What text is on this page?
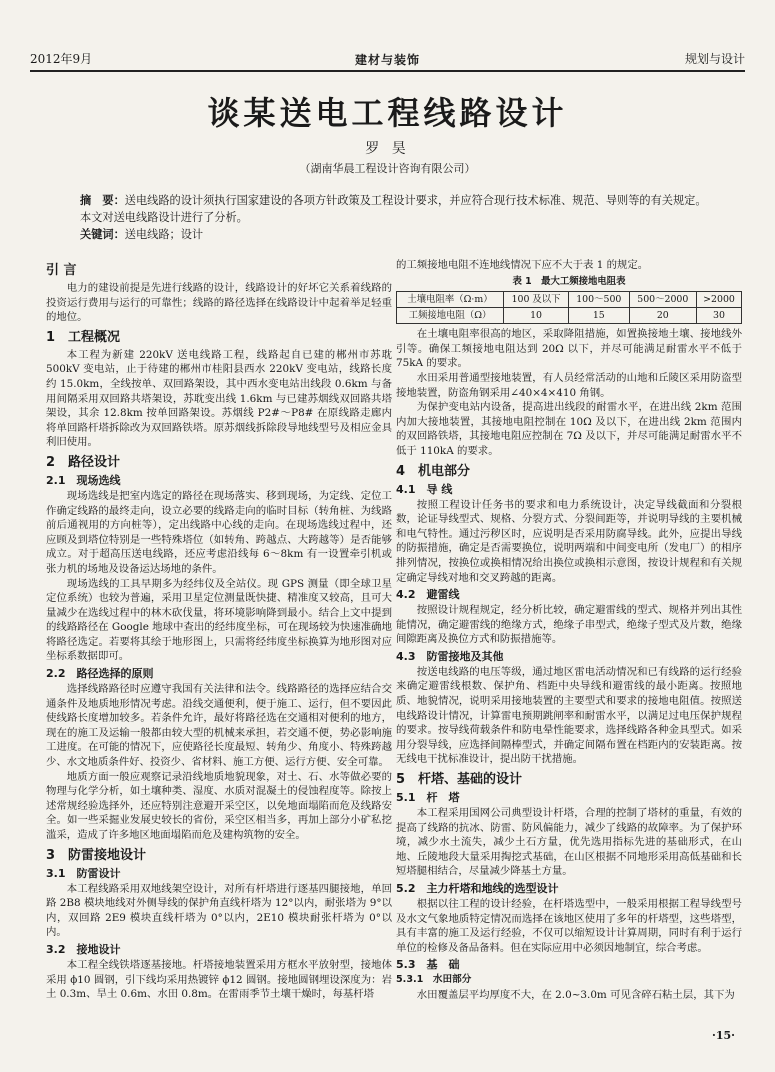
2012年9月	建材与装饰	规划与设计
谈某送电工程线路设计
罗 昊
（湖南华晨工程设计咨询有限公司）
摘　要：送电线路的设计须执行国家建设的各项方针政策及工程设计要求，并应符合现行技术标准、规范、导则等的有关规定。本文对送电线路设计进行了分析。
关键词：送电线路；设计
引 言
电力的建设前提是先进行线路的设计，线路设计的好坏它关系着线路的投资运行费用与运行的可靠性；线路的路径选择在线路设计中起着举足轻重的地位。
1　工程概况
本工程为新建 220kV 送电线路工程，线路起自已建的郴州市苏耽 500kV 变电站，止于待建的郴州市桂阳县西水 220kV 变电站，线路长度约 15.0km，全线按单、双回路架设，其中西水变电站出线段 0.6km 与备用间隔采用双回路共塔架设，苏耽变出线 1.6km 与已建苏烟线双回路共塔架设，其余 12.8km 按单回路架设。苏烟线 P2#～P8# 在原线路走廊内将单回路杆塔拆除改为双回路铁塔。原苏烟线拆除段导地线型号及相应金具利旧使用。
2　路径设计
2.1　现场选线
现场选线是把室内选定的路径在现场落实、移到现场，为定线、定位工作确定线路的最终走向，设立必要的线路走向的临时目标（转角桩、为线路前后通视用的方向桩等），定出线路中心线的走向。在现场选线过程中，还应顾及到塔位特别是一些特殊塔位（如转角、跨越点、大跨越等）是否能够成立。对于超高压送电线路，还应考虑沿线每 6～8km 有一设置牵引机或张力机的场地及设备运达场地的条件。
现场选线的工具早期多为经纬仪及全站仪。现 GPS 测量（即全球卫星定位系统）也较为普遍，采用卫星定位测量既快捷、精准度又较高，且可大量减少在选线过程中的林木砍伐量，将环境影响降到最小。结合上文中提到的线路路径在 Google 地球中查出的经纬度坐标，可在现场较为快速准确地将路径选定。若要将其绘于地形图上，只需将经纬度坐标换算为地形图对应坐标系数据即可。
2.2　路径选择的原则
选择线路路径时应遵守我国有关法律和法令。线路路径的选择应结合交通条件及地质地形情况考虑。沿线交通便利，便于施工、运行，但不要因此使线路长度增加较多。若条件允许，最好将路径选在交通相对便利的地方，现在的施工及运输一般都由较大型的机械来承担，若交通不便，势必影响施工进度。在可能的情况下，应使路径长度最短、转角少、角度小、特殊跨越少、水文地质条件好、投资少、省材料、施工方便、运行方便、安全可靠。
地质方面一般应观察记录沿线地质地貌现象，对土、石、水等做必要的物理与化学分析，如土壤种类、湿度、水质对混凝土的侵蚀程度等。除按上述常规经验选择外，还应特别注意避开采空区，以免地面塌陷而危及线路安全。如一些采掘业发展史较长的省份，采空区相当多，再加上部分小矿私挖滥采，造成了许多地区地面塌陷而危及建构筑物的安全。
3　防雷接地设计
3.1　防雷设计
本工程线路采用双地线架空设计，对所有杆塔进行逐基四腿接地，单回路 2B8 模块地线对外侧导线的保护角直线杆塔为 12°以内，耐张塔为 9°以内，双回路 2E9 模块直线杆塔为 0°以内，2E10 模块耐张杆塔为 0°以内。
3.2　接地设计
本工程全线铁塔逐基接地。杆塔接地装置采用方框水平放射型，接地体采用 ϕ10 圆钢，引下线均采用热镀锌 ϕ12 圆钢。接地圆钢埋设深度为：岩土 0.3m、旱土 0.6m、水田 0.8m。在雷雨季节土壤干燥时，每基杆塔
的工频接地电阻不连地线情况下应不大于表 1 的规定。
表 1　最大工频接地电阻表
土壤电阻率（Ω·m）	100 及以下	100～500	500～2000	>2000
工频接地电阻（Ω）	10	15	20	30
在土壤电阻率很高的地区，采取降阻措施，如置换接地土壤、接地线外引等。确保工频接地电阻达到 20Ω 以下，并尽可能满足耐雷水平不低于 75kA 的要求。
水田采用普通型接地装置，有人员经常活动的山地和丘陵区采用防盗型接地装置，防盗角钢采用∠40×4×410 角钢。
为保护变电站内设备，提高进出线段的耐雷水平，在进出线 2km 范围内加大接地装置，其接地电阻控制在 10Ω 及以下，在进出线 2km 范围内的双回路铁塔，其接地电阻应控制在 7Ω 及以下，并尽可能满足耐雷水平不低于 110kA 的要求。
4　机电部分
4.1　导 线
按照工程设计任务书的要求和电力系统设计，决定导线截面和分裂根数，论证导线型式、规格、分裂方式、分裂间距等，并说明导线的主要机械和电气特性。通过污秽区时，应说明是否采用防腐导线。此外，应提出导线的防振措施，确定是否需要换位，说明两端和中间变电所（发电厂）的相序排列情况，按换位或换相情况给出换位或换相示意图，按设计规程和有关规定确定导线对地和交叉跨越的距离。
4.2　避雷线
按照设计规程规定，经分析比较，确定避雷线的型式、规格并列出其性能情况，确定避雷线的绝缘方式，绝缘子串型式，绝缘子型式及片数，绝缘间隙距离及换位方式和防振措施等。
4.3　防雷接地及其他
按送电线路的电压等级，通过地区雷电活动情况和已有线路的运行经验来确定避雷线根数、保护角、档距中央导线和避雷线的最小距离。按照地质、地貌情况，说明采用接地装置的主要型式和要求的接地电阻值。按照送电线路设计情况，计算雷电预期跳闸率和耐雷水平，以满足过电压保护规程的要求。按导线荷载条件和防电晕性能要求，选择线路各种金具型式。如采用分裂导线，应选择间隔棒型式，并确定间隔布置在档距内的安装距离。按无线电干扰标准设计，提出防干扰措施。
5　杆塔、基础的设计
5.1　杆　塔
本工程采用国网公司典型设计杆塔，合理的控制了塔材的重量，有效的提高了线路的抗冰、防雷、防风偏能力，减少了线路的故障率。为了保护环境，减少水土流失，减少土石方量，优先选用指标先进的基础形式，在山地、丘陵地段大量采用掏挖式基础，在山区根据不同地形采用高低基础和长短塔腿相结合，尽量减少降基土方量。
5.2　主力杆塔和地线的选型设计
根据以往工程的设计经验，在杆塔选型中，一般采用根据工程导线型号及水文气象地质特定情况而选择在该地区使用了多年的杆塔型，这些塔型，具有丰富的施工及运行经验，不仅可以缩短设计计算周期，同时有利于运行单位的检修及备品备料。但在实际应用中必须因地制宜，综合考虑。
5.3　基　础
5.3.1　水田部分
水田覆盖层平均厚度不大，在 2.0~3.0m 可见含碎石粘土层，其下为
·15·
